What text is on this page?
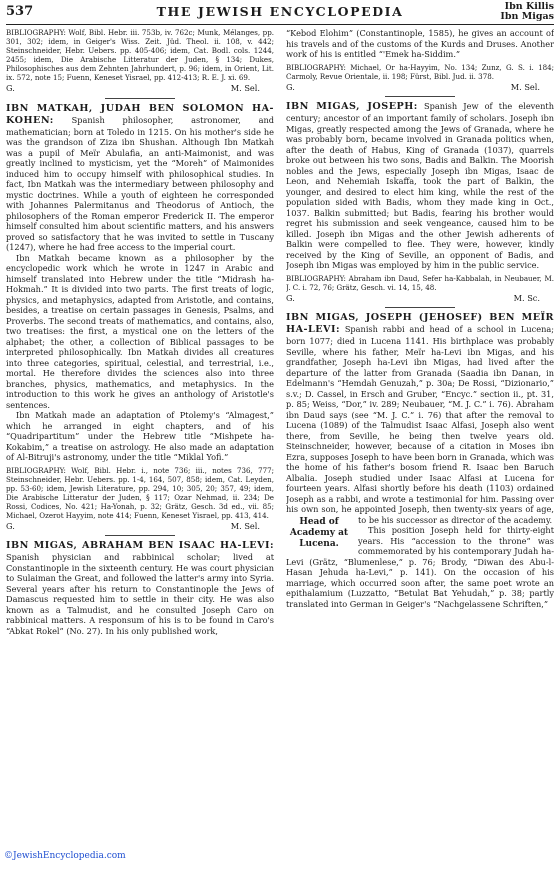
537	THE JEWISH ENCYCLOPEDIA	Ibn Killis
Ibn Migas
BIBLIOGRAPHY: Wolf, Bibl. Hebr. iii. 753b, iv. 762c; Munk, Mélanges, pp. 301, 302; idem, in Geiger's Wiss. Zeit. Jüd. Theol. ii. 108, v. 442; Steinschneider, Hebr. Uebers. pp. 405-406; idem, Cat. Bodl. cols. 1244, 2455; idem, Die Arabische Litteratur der Juden, § 134; Dukes, Philosophisches aus dem Zehnten Jahrhundert, p. 96; idem, in Orient, Lit. ix. 572, note 15; Fuenn, Keneset Yisrael, pp. 412-413; R. E. J. xi. 69.
G.	M. Sel.
IBN MATKAH, JUDAH BEN SOLOMON HA-KOHEN: Spanish philosopher, astronomer, and mathematician; born at Toledo in 1215. On his mother's side he was the grandson of Ziza ibn Shushan. Although Ibn Matkah was a pupil of Meïr Abulafia, an anti-Maimonist, and was greatly inclined to mysticism, yet the “Moreh” of Maimonides induced him to occupy himself with philosophical studies. In fact, Ibn Matkah was the intermediary between philosophy and mystic doctrines. While a youth of eighteen he corresponded with Johannes Palermitanus and Theodorus of Antioch, the philosophers of the Roman emperor Frederick II. The emperor himself consulted him about scientific matters, and his answers proved so satisfactory that he was invited to settle in Tuscany (1247), where he had free access to the imperial court.

Ibn Matkah became known as a philosopher by the encyclopedic work which he wrote in 1247 in Arabic and himself translated into Hebrew under the title “Midrash ha-Hokmah.” It is divided into two parts. The first treats of logic, physics, and metaphysics, adapted from Aristotle, and contains, besides, a treatise on certain passages in Genesis, Psalms, and Proverbs. The second treats of mathematics, and contains, also, two treatises: the first, a mystical one on the letters of the alphabet; the other, a collection of Biblical passages to be interpreted philosophically. Ibn Matkah divides all creatures into three categories, spiritual, celestial, and terrestrial, i.e., mortal. He therefore divides the sciences also into three branches, physics, mathematics, and metaphysics. In the introduction to this work he gives an anthology of Aristotle's sentences.

Ibn Matkah made an adaptation of Ptolemy's “Almagest,” which he arranged in eight chapters, and of his “Quadripartitum” under the Hebrew title “Mishpete ha-Kokabim,” a treatise on astrology. He also made an adaptation of Al-Bitruji's astronomy, under the title “Miklal Yofi.”

BIBLIOGRAPHY: Wolf, Bibl. Hebr. i., note 736; iii., notes 736, 777; Steinschneider, Hebr. Uebers. pp. 1-4, 164, 507, 858; idem, Cat. Leyden, pp. 53-60; idem, Jewish Literature, pp. 294, 10; 305, 20; 357, 49; idem, Die Arabische Litteratur der Juden, § 117; Ozar Nehmad, ii. 234; De Rossi, Codices, No. 421; Ha-Yonah, p. 32; Grätz, Gesch. 3d ed., vii. 85; Michael, Ozerot Hayyim, note 414; Fuenn, Keneset Yisrael, pp. 413, 414.
G.	M. Sel.
IBN MIGAS, ABRAHAM BEN ISAAC HA-LEVI:

Spanish physician and rabbinical scholar; lived at Constantinople in the sixteenth century. He was court physician to Sulaiman the Great, and followed the latter's army into Syria. Several years after his return to Constantinople the Jews of Damascus requested him to settle in their city. He was also known as a Talmudist, and he consulted Joseph Caro on rabbinical matters. A responsum of his is to be found in Caro's “Abkat Rokel” (No. 27). In his only published work,

“Kebod Elohim” (Constantinople, 1585), he gives an account of his travels and of the customs of the Kurds and Druses. Another work of his is entitled “'Emek ha-Siddim.”

BIBLIOGRAPHY: Michael, Or ha-Hayyim, No. 134; Zunz, G. S. i. 184; Carmoly, Revue Orientale, ii. 198; Fürst, Bibl. Jud. ii. 378.
G.	M. Sel.
IBN MIGAS, JOSEPH: Spanish Jew of the eleventh century; ancestor of an important family of scholars. Joseph ibn Migas, greatly respected among the Jews of Granada, where he was probably born, became involved in Granada politics when, after the death of Habus, King of Granada (1037), quarrels broke out between his two sons, Badis and Balkin. The Moorish nobles and the Jews, especially Joseph ibn Migas, Isaac de Leon, and Nehemiah Iskaffa, took the part of Balkin, the younger, and desired to elect him king, while the rest of the population sided with Badis, whom they made king in Oct., 1037. Balkin submitted; but Badis, fearing his brother would regret his submission and seek vengeance, caused him to be killed. Joseph ibn Migas and the other Jewish adherents of Balkin were compelled to flee. They were, however, kindly received by the King of Seville, an opponent of Badis, and Joseph ibn Migas was employed by him in the public service.

BIBLIOGRAPHY: Abraham ibn Daud, Sefer ha-Kabbalah, in Neubauer, M. J. C. i. 72, 76; Grätz, Gesch. vi. 14, 15, 48.
G.	M. Sc.
IBN MIGAS, JOSEPH (JEHOSEF) BEN MEÏR HA-LEVI: Spanish rabbi and head of a school in Lucena; born 1077; died in Lucena 1141. His birthplace was probably Seville, where his father, Meïr ha-Levi ibn Migas, and his grandfather, Joseph ha-Levi ibn Migas, had lived after the departure of the latter from Granada (Saadia ibn Danan, in Edelmann's “Hemdah Genuzah,” p. 30a; De Rossi, “Dizionario,” s.v.; D. Cassel, in Ersch and Gruber, “Encyc.” section ii., pt. 31, p. 85; Weiss, “Dor,” iv. 289; Neubauer, “M. J. C.” i. 76). Abraham ibn Daud says (see “M. J. C.” i. 76) that after the removal to Lucena (1089) of the Talmudist Isaac Alfasi, Joseph also went there, from Seville, he being then twelve years old. Steinschneider, however, because of a citation in Moses ibn Ezra, supposes Joseph to have been born in Granada, which was the home of his father's bosom friend R. Isaac ben Baruch Albalia. Joseph studied under Isaac Alfasi at Lucena for fourteen years. Alfasi shortly before his death (1103) ordained Joseph as a rabbi, and wrote a testimonial for him. Passing over his own son, he appointed Joseph, then twenty-six years of age, to be his successor as director of the academy.

Head of Academy at Lucena.

This position Joseph held for thirty-eight years. His “accession to the throne” was commemorated by his contemporary Judah ha-Levi (Grätz, “Blumenlese,” p. 76; Brody, “Diwan des Abu-l-Hasan Jehuda ha-Levi,” p. 141). On the occasion of his marriage, which occurred soon after, the same poet wrote an epithalamium (Luzzatto, “Betulat Bat Yehudah,” p. 38; partly translated into German in Geiger's “Nachgelassene Schriften,”

©JewishEncyclopedia.com
